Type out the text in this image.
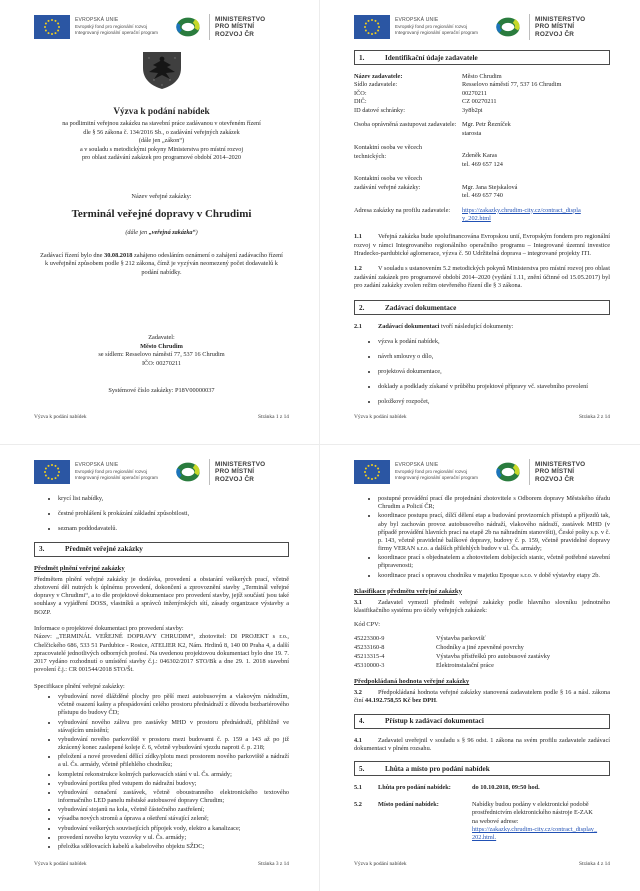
EVROPSKÁ UNIE
Evropský fond pro regionální rozvoj
Integrovaný regionální operační program
MINISTERSTVO
PRO MÍSTNÍ
ROZVOJ ČR
Výzva k podání nabídek
na podlimitní veřejnou zakázku na stavební práce zadávanou v otevřeném řízení
dle § 56 zákona č. 134/2016 Sb., o zadávání veřejných zakázek
(dále jen „zákon“)
a v souladu s metodickými pokyny Ministerstva pro místní rozvoj
pro oblast zadávání zakázek pro programové období 2014–2020
Název veřejné zakázky:
Terminál veřejné dopravy v Chrudimi
(dále jen „veřejná zakázka“)
Zadávací řízení bylo dne 30.08.2018 zahájeno odesláním oznámení o zahájení zadávacího řízení k uveřejnění způsobem podle § 212 zákona, čímž je vyzýván neomezený počet dodavatelů k podání nabídky.
Zadavatel:
Město Chrudim
se sídlem: Resselovo náměstí 77, 537 16 Chrudim
IČO: 00270211
Systémové číslo zakázky: P18V00000037
Výzva k podání nabídek	Stránka 1 z 14
EVROPSKÁ UNIE
Evropský fond pro regionální rozvoj
Integrovaný regionální operační program
MINISTERSTVO
PRO MÍSTNÍ
ROZVOJ ČR
1.	Identifikační údaje zadavatele
Název zadavatele:	Město Chrudim
Sídlo zadavatele:	Resselovo náměstí 77, 537 16 Chrudim
IČO:	00270211
DIČ:	CZ 00270211
ID datové schránky:	3y8b2pi
Osoba oprávněná zastupovat zadavatele: Mgr. Petr Řezníček
starosta
Kontaktní osoba ve věcech
technických:	Zdeněk Karas
tel. 469 657 124
Kontaktní osoba ve věcech
zadávání veřejné zakázky:	Mgr. Jana Stejskalová
tel. 469 657 740
Adresa zakázky na profilu zadavatele:	https://zakazky.chrudim-city.cz/contract_display_202.html

1.1	Veřejná zakázka bude spolufinancována Evropskou unií, Evropským fondem pro regionální rozvoj v rámci Integrovaného regionálního operačního programu – Integrované územní investice Hradecko-pardubické aglomerace, výzva č. 50 Udržitelná doprava – integrované projekty ITI.

1.2	V souladu s ustanovením 5.2 metodických pokynů Ministerstva pro místní rozvoj pro oblast zadávání zakázek pro programové období 2014–2020 (vydání 1.11, znění účinné od 15.05.2017) byl pro zadání zakázky zvolen režim otevřeného řízení dle § 3 zákona.

2.	Zadávací dokumentace

2.1	Zadávací dokumentaci tvoří následující dokumenty:

• výzva k podání nabídek,
• návrh smlouvy o dílo,
• projektová dokumentace,
• doklady a podklady získané v průběhu projektové přípravy vč. stavebního povolení
• položkový rozpočet,
Výzva k podání nabídek	Stránka 2 z 14
EVROPSKÁ UNIE
Evropský fond pro regionální rozvoj
Integrovaný regionální operační program
MINISTERSTVO
PRO MÍSTNÍ
ROZVOJ ČR
• krycí list nabídky,
• čestné prohlášení k prokázání základní způsobilosti,
• seznam poddodavatelů.
3.	Předmět veřejné zakázky
Předmět plnění veřejné zakázky

Předmětem plnění veřejné zakázky je dodávka, provedení a obstarání veškerých prací, včetně zhotovení děl nutných k úplnému provedení, dokončení a zprovoznění stavby „Terminál veřejné dopravy v Chrudimi“, a to dle projektové dokumentace pro provedení stavby, jejíž součástí jsou také souhlasy a vyjádření DOSS, vlastníků a správců inženýrských sítí, zásady organizace výstavby a BOZP.

Informace o projektové dokumentaci pro provedení stavby:

Název: „TERMINÁL VEŘEJNÉ DOPRAVY CHRUDIM“, zhotovitel: DI PROJEKT s r.o., Chelčického 686, 533 51 Pardubice - Rosice, ATELIER K2, Nám. Hrdinů 8, 140 00 Praha 4, a další zpracovatelé jednotlivých odborných profesí. Na uvedenou projektovou dokumentaci bylo dne 19. 7. 2017 vydáno rozhodnutí o umístění stavby č.j.: 046302/2017 STO/Bk a dne 29. 1. 2018 stavební povolení č.j.: CR 001544/2018 STO/Št.

Specifikace plnění veřejné zakázky:
• vybudování nové dlážděné plochy pro pěší mezi autobusovým a vlakovým nádražím, včetně osazení kašny a přespádování celého prostoru přednádraží z důvodu bezbariérového přístupu do budovy ČD;
• vybudování nového zálivu pro zastávky MHD v prostoru přednádraží, přibližně ve stávajícím umístění;
• vybudování nového parkoviště v prostoru mezi budovami č. p. 159 a 143 až po již zkrácený konec zaslepené koleje č. 6, včetně vybudování vjezdu naproti č. p. 218;
• přeložení a nové provedení dělící zídky/plotu mezi prostorem nového parkoviště a nádraží a ul. Čs. armády, včetně přilehlého chodníku;
• kompletní rekonstrukce kolmých parkovacích stání v ul. Čs. armády;
• vybudování portiku před vstupem do nádražní budovy;
• vybudování označení zastávek, včetně oboustranného elektronického textového informačního LED panelu městské autobusové dopravy Chrudim;
• vybudování stojanů na kola, včetně částečného zastřešení;
• výsadba nových stromů a úprava a ošetření stávající zeleně;
• vybudování veškerých souvisejících přípojek vody, elektro a kanalizace;
• provedení nového krytu vozovky v ul. Čs. armády;
• přeložka sdělovacích kabelů a kabelového objektu SŽDC;
Výzva k podání nabídek	Stránka 3 z 14
EVROPSKÁ UNIE
Evropský fond pro regionální rozvoj
Integrovaný regionální operační program
MINISTERSTVO
PRO MÍSTNÍ
ROZVOJ ČR
• postupné provádění prací dle projednání zhotovitele s Odborem dopravy Městského úřadu Chrudim a Policií ČR;
• koordinace postupu prací, dílčí dělení etap a budování provizorních přístupů a příjezdů tak, aby byl zachován provoz autobusového nádraží, vlakového nádraží, zastávek MHD (v případě provádění hlavních prací na etapě 2b na náhradním stanovišti), České pošty s.p. v č. p. 143, včetně pravidelné balíkové dopravy, budovy č. p. 159, včetně pravidelné dopravy firmy VERAN s.r.o. a dalších přilehlých budov v ul. Čs. armády;
• koordinace prací s objednatelem a zhotovitelem dobíjecích stanic, včetně potřebné stavební připravenosti;
• koordinace prací s opravou chodníku v majetku Epoque s.r.o. v době výstavby etapy 2b.
Klasifikace předmětu veřejné zakázky

3.1	Zadavatel vymezil předmět veřejné zakázky podle hlavního slovníku jednotného klasifikačního systému pro účely veřejných zakázek:

Kód CPV:
45223300-9	Výstavba parkovišť
45233160-8	Chodníky a jiné zpevněné povrchy
45213315-4	Výstavba přístřešků pro autobusové zastávky
45310000-3	Elektroinstalační práce
Předpokládaná hodnota veřejné zakázky

3.2	Předpokládaná hodnota veřejné zakázky stanovená zadavatelem podle § 16 a násl. zákona činí 44.192.758,55 Kč bez DPH.

4.	Přístup k zadávací dokumentaci

4.1	Zadavatel uveřejnil v souladu s § 96 odst. 1 zákona na svém profilu zadavatele zadávací dokumentaci v plném rozsahu.

5.	Lhůta a místo pro podání nabídek
5.1	Lhůta pro podání nabídek:	do 10.10.2018, 09:50 hod.
5.2	Místo podání nabídek:	Nabídky budou podány v elektronické podobě prostřednictvím elektronického nástroje E-ZAK na webové adrese:
https://zakazky.chrudim-city.cz/contract_display_202.html.
Výzva k podání nabídek	Stránka 4 z 14
